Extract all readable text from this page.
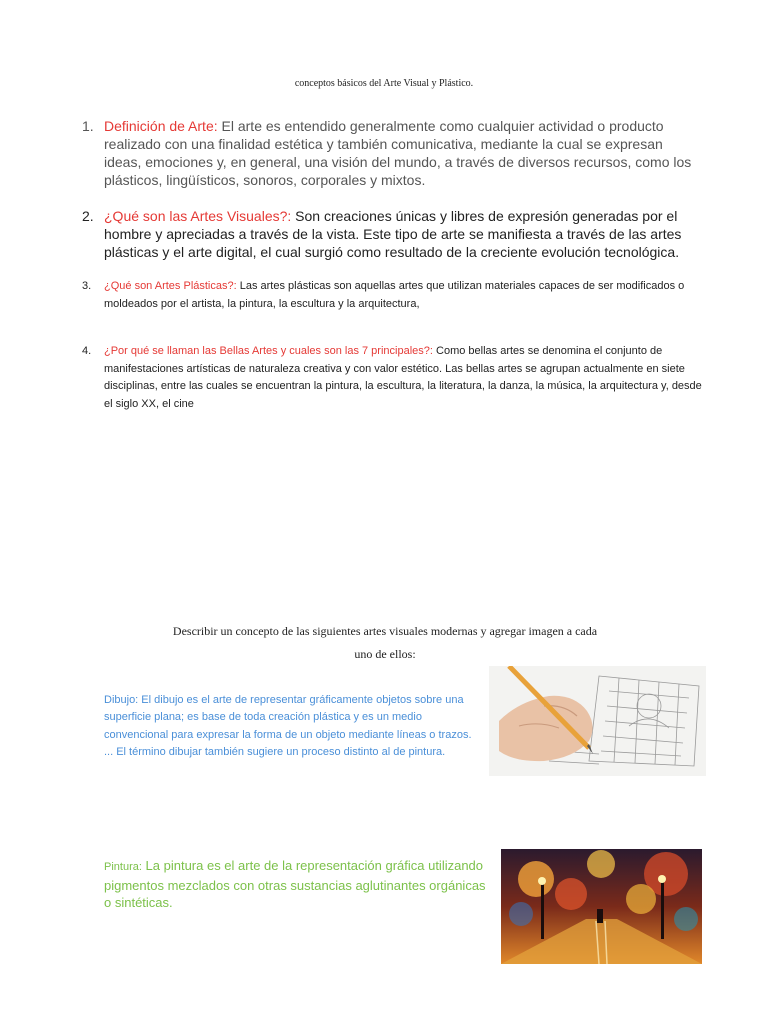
conceptos básicos del Arte Visual y Plástico.
1. Definición de Arte: El arte es entendido generalmente como cualquier actividad o producto realizado con una finalidad estética y también comunicativa, mediante la cual se expresan ideas, emociones y, en general, una visión del mundo, a través de diversos recursos, como los plásticos, lingüísticos, sonoros, corporales y mixtos.
2. ¿Qué son las Artes Visuales?: Son creaciones únicas y libres de expresión generadas por el hombre y apreciadas a través de la vista. Este tipo de arte se manifiesta a través de las artes plásticas y el arte digital, el cual surgió como resultado de la creciente evolución tecnológica.
3. ¿Qué son Artes Plásticas?: Las artes plásticas son aquellas artes que utilizan materiales capaces de ser modificados o moldeados por el artista, la pintura, la escultura y la arquitectura,
4. ¿Por qué se llaman las Bellas Artes y cuales son las 7 principales?: Como bellas artes se denomina el conjunto de manifestaciones artísticas de naturaleza creativa y con valor estético. Las bellas artes se agrupan actualmente en siete disciplinas, entre las cuales se encuentran la pintura, la escultura, la literatura, la danza, la música, la arquitectura y, desde el siglo XX, el cine
Describir un concepto de las siguientes artes visuales modernas y agregar imagen a cada
uno de ellos:
Dibujo: El dibujo es el arte de representar gráficamente objetos sobre una superficie plana; es base de toda creación plástica y es un medio convencional para expresar la forma de un objeto mediante líneas o trazos. ... El término dibujar también sugiere un proceso distinto al de pintura.
Pintura: La pintura es el arte de la representación gráfica utilizando pigmentos mezclados con otras sustancias aglutinantes orgánicas o sintéticas.
